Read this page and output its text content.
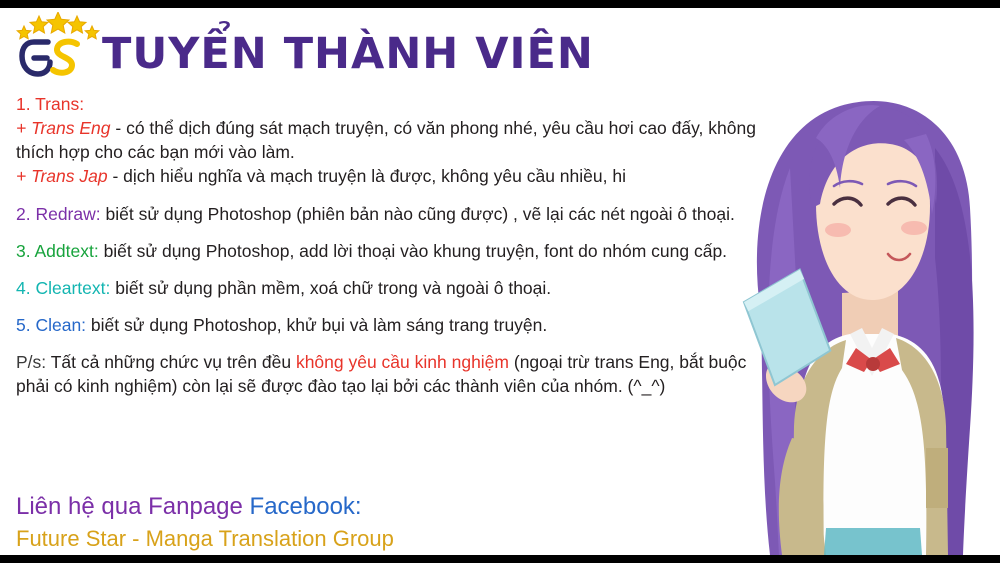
TUYỂN THÀNH VIÊN

1. Trans:

+ Trans Eng - có thể dịch đúng sát mạch truyện, có văn phong nhé, yêu cầu hơi cao đấy, không thích hợp cho các bạn mới vào làm.

+ Trans Jap - dịch hiểu nghĩa và mạch truyện là được, không yêu cầu nhiều, hi

2. Redraw: biết sử dụng Photoshop (phiên bản nào cũng được) , vẽ lại các nét ngoài ô thoại.

3. Addtext: biết sử dụng Photoshop, add lời thoại vào khung truyện, font do nhóm cung cấp.

4. Cleartext: biết sử dụng phần mềm, xoá chữ trong và ngoài ô thoại.

5. Clean: biết sử dụng Photoshop, khử bụi và làm sáng trang truyện.

P/s: Tất cả những chức vụ trên đều không yêu cầu kinh nghiệm (ngoại trừ trans Eng, bắt buộc phải có kinh nghiệm) còn lại sẽ được đào tạo lại bởi các thành viên của nhóm. (^_^)

Liên hệ qua Fanpage Facebook:
Future Star - Manga Translation Group
